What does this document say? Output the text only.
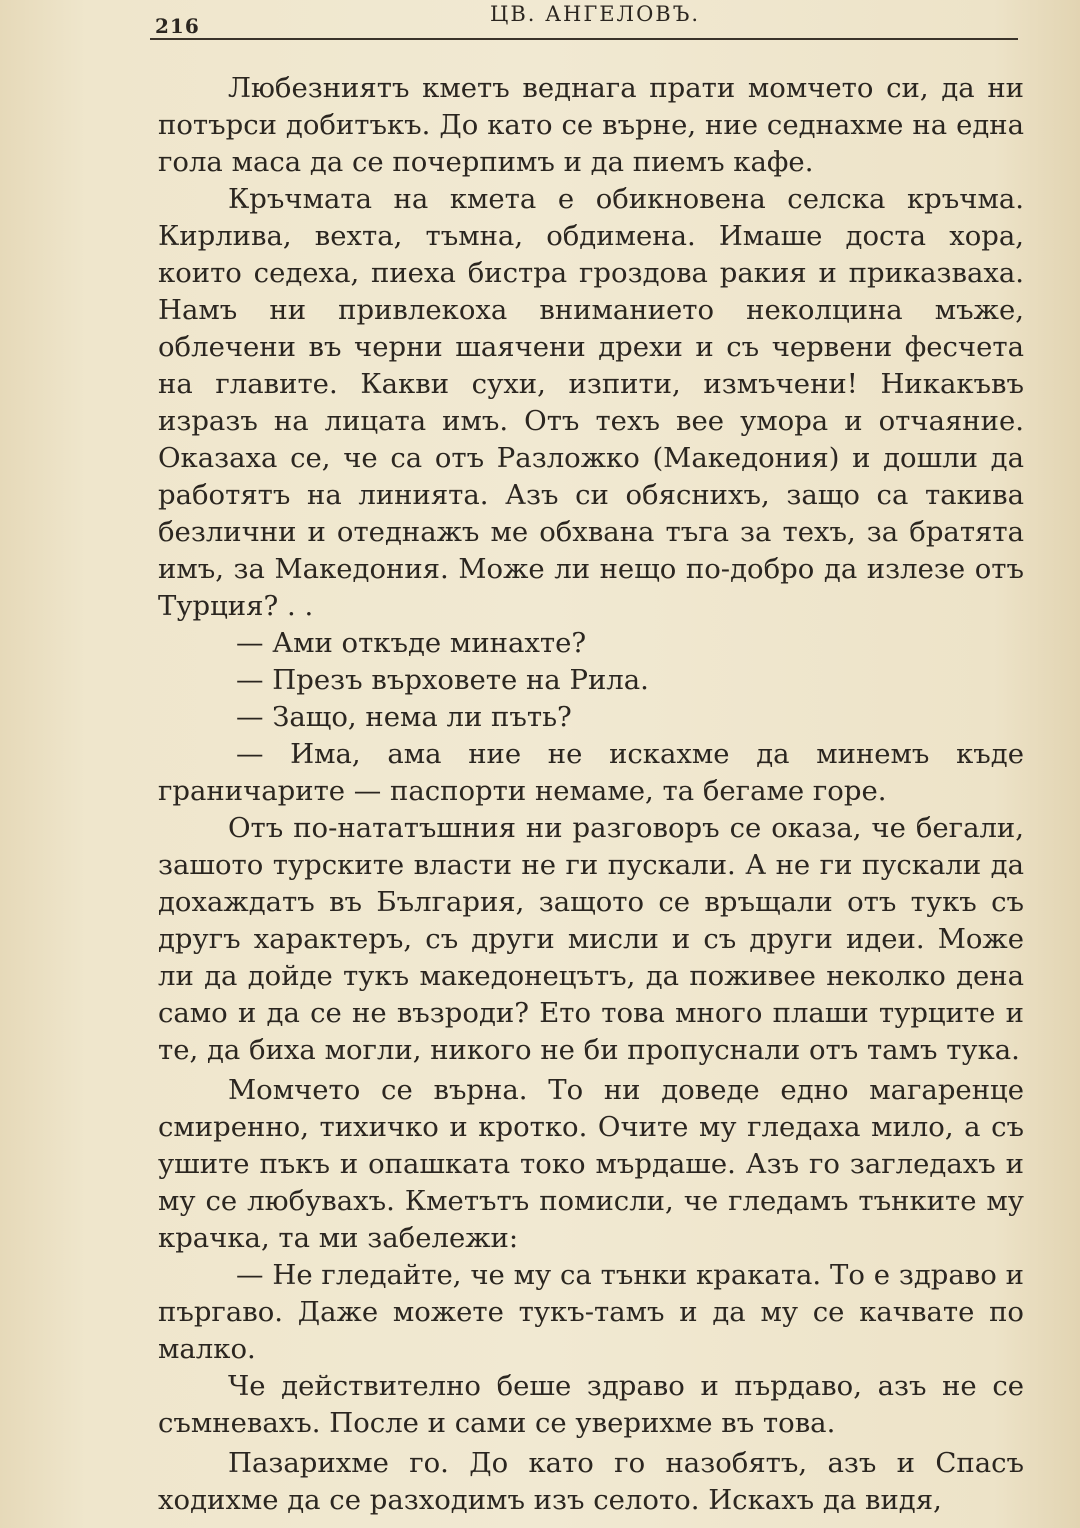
216	ЦВ. АНГЕЛОВЪ.

Любезниятъ кметъ веднага прати момчето си, да ни потърси добитъкъ. До като се върне, ние седнахме на една гола маса да се почерпимъ и да пиемъ кафе.

Кръчмата на кмета е обикновена селска кръчма. Кирлива, вехта, тъмна, обдимена. Имаше доста хора, които седеха, пиеха бистра гроздова ракия и приказваха. Намъ ни привлекоха вниманието неколцина мъже, облечени въ черни шаячени дрехи и съ червени фесчета на главите. Какви сухи, изпити, измъчени! Никакъвъ изразъ на лицата имъ. Отъ техъ вее умора и отчаяние. Оказаха се, че са отъ Разложко (Македония) и дошли да работятъ на линията. Азъ си обяснихъ, защо са такива безлични и отеднажъ ме обхвана тъга за техъ, за братята имъ, за Македония. Може ли нещо по-добро да излезе отъ Турция? . .

— Ами откъде минахте?

— Презъ върховете на Рила.

— Защо, нема ли пъть?

— Има, ама ние не искахме да минемъ къде граничарите — паспорти немаме, та бегаме горе.

Отъ по-нататъшния ни разговоръ се оказа, че бегали, зашото турските власти не ги пускали. А не ги пускали да дохаждатъ въ България, защото се връщали отъ тукъ съ другъ характеръ, съ други мисли и съ други идеи. Може ли да дойде тукъ македонецътъ, да поживее неколко дена само и да се не възроди? Ето това много плаши турците и те, да биха могли, никого не би пропуснали отъ тамъ тука.

Момчето се върна. То ни доведе едно магаренце смиренно, тихичко и кротко. Очите му гледаха мило, а съ ушите пъкъ и опашката токо мърдаше. Азъ го загледахъ и му се любувахъ. Кметътъ помисли, че гледамъ тънките му крачка, та ми забележи:

— Не гледайте, че му са тънки краката. То е здраво и пъргаво. Даже можете тукъ-тамъ и да му се качвате по малко.

Че действително беше здраво и пърдаво, азъ не се съмневахъ. После и сами се уверихме въ това.

Пазарихме го. До като го назобятъ, азъ и Спасъ ходихме да се разходимъ изъ селото. Искахъ да видя,
